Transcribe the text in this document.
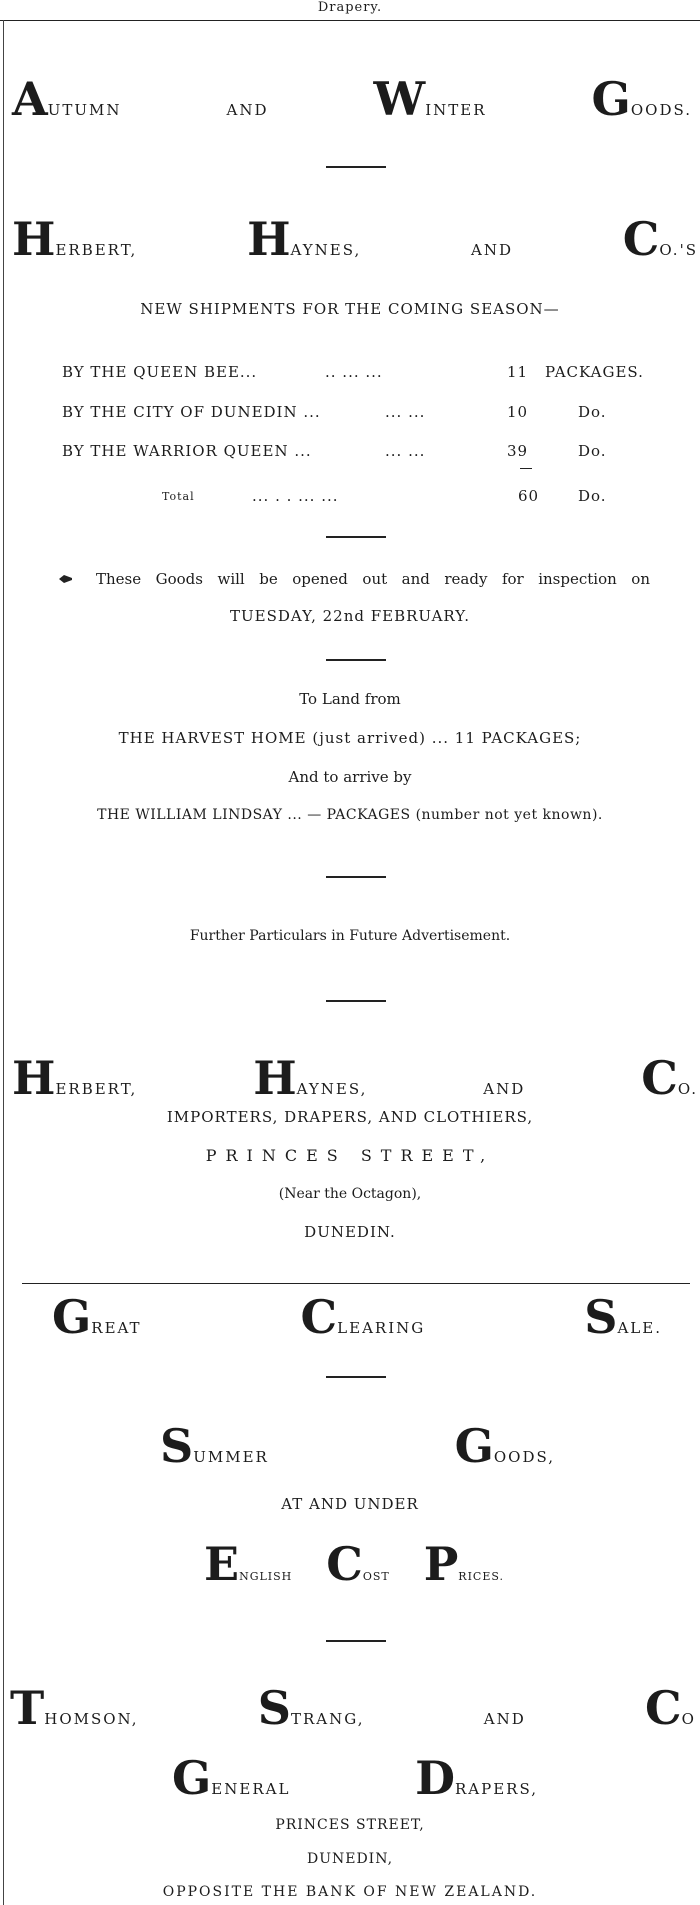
Drapery.
AUTUMN	AND WINTER GOODS.
HERBERT, HAYNES,	AND CO.'S
NEW SHIPMENTS FOR THE COMING SEASON—
BY THE QUEEN BEE...	.. ... ...	11 PACKAGES.
BY THE CITY OF DUNEDIN ...	... ...	10	Do.
BY THE WARRIOR QUEEN ...	... ...	39	Do.
Total	... . . ... ...	60	Do.
These Goods will be opened out and ready for inspection on
TUESDAY, 22nd FEBRUARY.
To Land from
THE HARVEST HOME (just arrived) ... 11 PACKAGES;
And to arrive by
THE WILLIAM LINDSAY ... — PACKAGES (number not yet known).
Further Particulars in Future Advertisement.
HERBERT,	HAYNES,	AND	CO.
IMPORTERS, DRAPERS, AND CLOTHIERS,
PRINCES STREET,
(Near the Octagon),
DUNEDIN.
GREAT	CLEARING	SALE.
SUMMER	GOODS,
AT AND UNDER
ENGLISH COST PRICES.
THOMSON,	STRANG,	AND	CO
GENERAL	DRAPERS,
PRINCES STREET,
DUNEDIN,
OPPOSITE THE BANK OF NEW ZEALAND.
